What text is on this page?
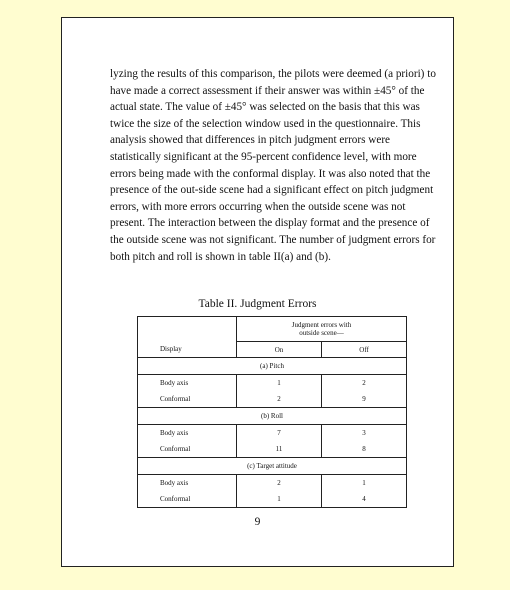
lyzing the results of this comparison, the pilots were deemed (a priori) to have made a correct assessment if their answer was within ±45° of the actual state. The value of ±45° was selected on the basis that this was twice the size of the selection window used in the questionnaire. This analysis showed that differences in pitch judgment errors were statistically significant at the 95-percent confidence level, with more errors being made with the conformal display. It was also noted that the presence of the out-side scene had a significant effect on pitch judgment errors, with more errors occurring when the outside scene was not present. The interaction between the display format and the presence of the outside scene was not significant. The number of judgment errors for both pitch and roll is shown in table II(a) and (b).

Table II. Judgment Errors

	Judgment errors with
outside scene—	

Display	On	Off
(a) Pitch		
Body axis	1	2
Conformal	2	9
(b) Roll		
Body axis	7	3
Conformal	11	8
(c) Target attitude		
Body axis	2	1
Conformal	1	4
9
